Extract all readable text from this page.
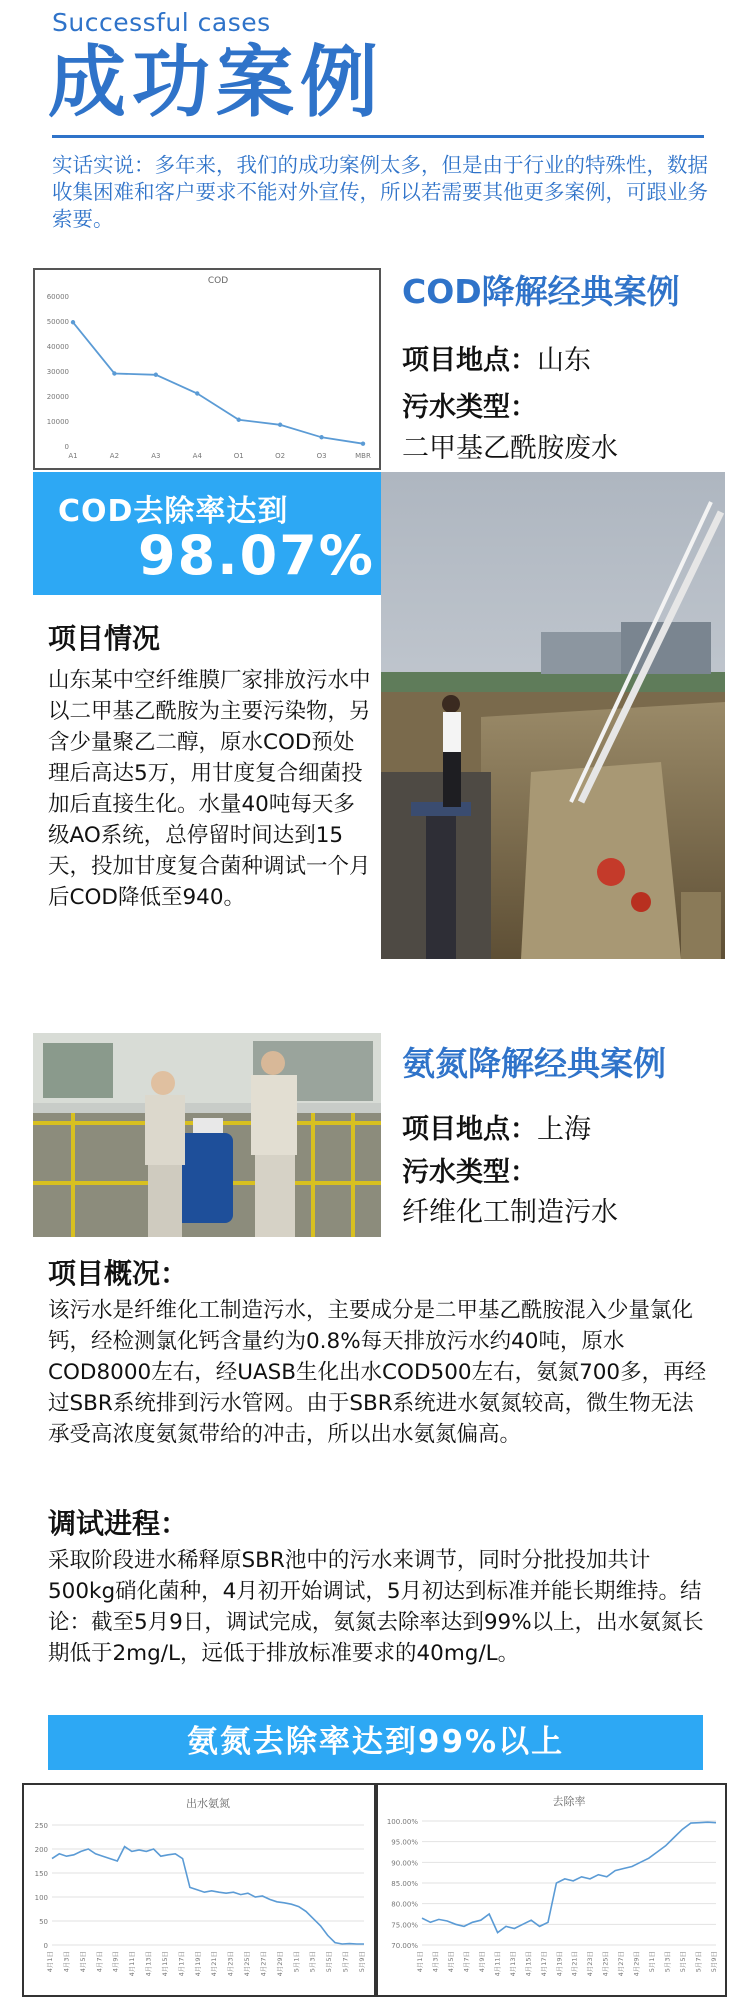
Successful cases
成功案例
实话实说：多年来，我们的成功案例太多，但是由于行业的特殊性，数据收集困难和客户要求不能对外宣传，所以若需要其他更多案例，可跟业务索要。
COD
0
10000
20000
30000
40000
50000
60000
A1	A2	A3	A4	O1	O2	O3	MBR
COD降解经典案例
项目地点：山东
污水类型：
二甲基乙酰胺废水
COD去除率达到
98.07%
项目情况
山东某中空纤维膜厂家排放污水中以二甲基乙酰胺为主要污染物，另含少量聚乙二醇，原水COD预处理后高达5万，用甘度复合细菌投加后直接生化。水量40吨每天多级AO系统，总停留时间达到15天，投加甘度复合菌种调试一个月后COD降低至940。
氨氮降解经典案例
项目地点：上海
污水类型：
纤维化工制造污水
项目概况：
该污水是纤维化工制造污水，主要成分是二甲基乙酰胺混入少量氯化钙，经检测氯化钙含量约为0.8%每天排放污水约40吨，原水COD8000左右，经UASB生化出水COD500左右，氨氮700多，再经过SBR系统排到污水管网。由于SBR系统进水氨氮较高，微生物无法承受高浓度氨氮带给的冲击，所以出水氨氮偏高。
调试进程：
采取阶段进水稀释原SBR池中的污水来调节，同时分批投加共计500kg硝化菌种，4月初开始调试，5月初达到标准并能长期维持。结论：截至5月9日，调试完成，氨氮去除率达到99%以上，出水氨氮长期低于2mg/L，远低于排放标准要求的40mg/L。
氨氮去除率达到99%以上
出水氨氮
0
50
100
150
200
250
4月1日 4月3日 4月5日 4月7日 4月9日 4月11日 4月13日 4月15日 4月17日 4月19日 4月21日 4月23日 4月25日 4月27日 4月29日 5月1日 5月3日 5月5日 5月7日 5月9日
去除率
70.00%
75.00%
80.00%
85.00%
90.00%
95.00%
100.00%
4月1日 4月3日 4月5日 4月7日 4月9日 4月11日 4月13日 4月15日 4月17日 4月19日 4月21日 4月23日 4月25日 4月27日 4月29日 5月1日 5月3日 5月5日 5月7日 5月9日
